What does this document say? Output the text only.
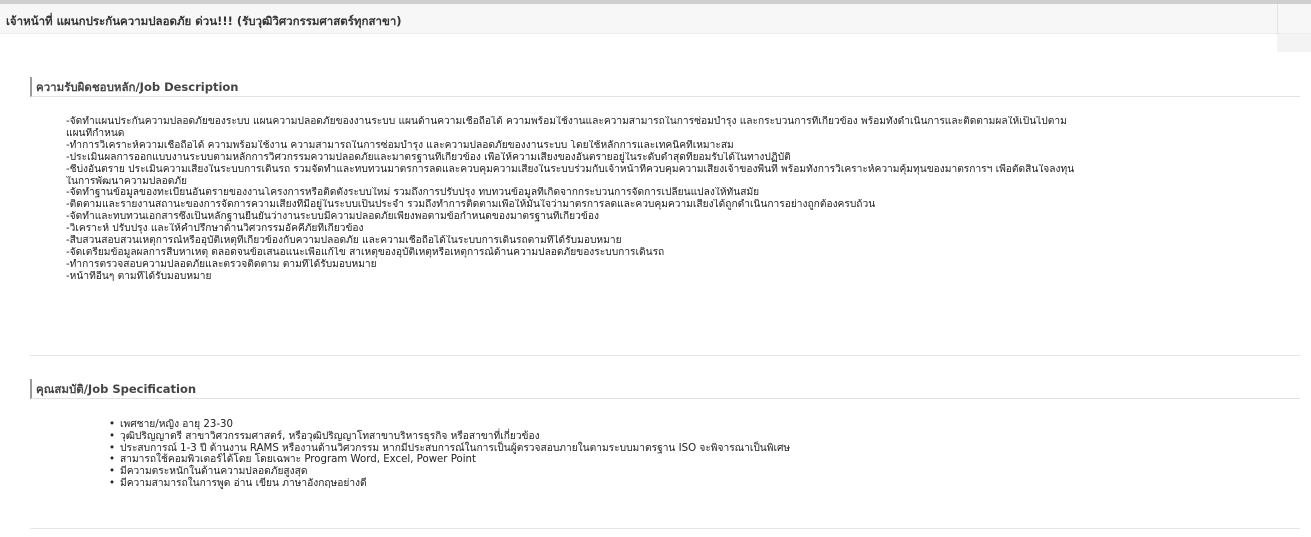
เจ้าหน้าที่ แผนกประกันความปลอดภัย ด่วน!!! (รับวุฒิวิศวกรรมศาสตร์ทุกสาขา)
ความรับผิดชอบหลัก/Job Description
-จัดทำแผนประกันความปลอดภัยของระบบ แผนความปลอดภัยของงานระบบ แผนด้านความเชื่อถือได้ ความพร้อมใช้งานและความสามารถในการซ่อมบำรุง และกระบวนการที่เกี่ยวข้อง พร้อมทั้งดำเนินการและติดตามผลให้เป็นไปตาม
แผนที่กำหนด
-ทำการวิเคราะห์ความเชื่อถือได้ ความพร้อมใช้งาน ความสามารถในการซ่อมบำรุง และความปลอดภัยของงานระบบ โดยใช้หลักการและเทคนิคที่เหมาะสม
-ประเมินผลการออกแบบงานระบบตามหลักการวิศวกรรมความปลอดภัยและมาตรฐานที่เกี่ยวข้อง เพื่อให้ความเสี่ยงของอันตรายอยู่ในระดับต่ำสุดที่ยอมรับได้ในทางปฏิบัติ
-ชี้บ่งอันตราย ประเมินความเสี่ยงในระบบการเดินรถ รวมจัดทำและทบทวนมาตรการลดและควบคุมความเสี่ยงในระบบร่วมกับเจ้าหน้าที่ควบคุมความเสี่ยงเจ้าของพื้นที่ พร้อมทั้งการวิเคราะห์ความคุ้มทุนของมาตรการฯ เพื่อตัดสินใจลงทุน
ในการพัฒนาความปลอดภัย
-จัดทำฐานข้อมูลของทะเบียนอันตรายของงานโครงการหรือติดตั้งระบบใหม่ รวมถึงการปรับปรุง ทบทวนข้อมูลที่เกิดจากกระบวนการจัดการเปลี่ยนแปลงให้ทันสมัย
-ติดตามและรายงานสถานะของการจัดการความเสี่ยงที่มีอยู่ในระบบเป็นประจำ รวมถึงทำการติดตามเพื่อให้มั่นใจว่ามาตรการลดและควบคุมความเสี่ยงได้ถูกดำเนินการอย่างถูกต้องครบถ้วน
-จัดทำและทบทวนเอกสารซึ่งเป็นหลักฐานยืนยันว่างานระบบมีความปลอดภัยเพียงพอตามข้อกำหนดของมาตรฐานที่เกี่ยวข้อง
-วิเคราะห์ ปรับปรุง และให้คำปรึกษาด้านวิศวกรรมอัคคีภัยที่เกี่ยวข้อง
-สืบสวนสอบสวนเหตุการณ์หรืออุบัติเหตุที่เกี่ยวข้องกับความปลอดภัย และความเชื่อถือได้ในระบบการเดินรถตามที่ได้รับมอบหมาย
-จัดเตรียมข้อมูลผลการสืบหาเหตุ ตลอดจนข้อเสนอแนะเพื่อแก้ไข สาเหตุของอุบัติเหตุหรือเหตุการณ์ด้านความปลอดภัยของระบบการเดินรถ
-ทำการตรวจสอบความปลอดภัยและตรวจติดตาม ตามที่ได้รับมอบหมาย
-หน้าที่อื่นๆ ตามที่ได้รับมอบหมาย
คุณสมบัติ/Job Specification
• เพศชาย/หญิง อายุ 23-30
• วุฒิปริญญาตรี สาขาวิศวกรรมศาสตร์, หรือวุฒิปริญญาโทสาขาบริหารธุรกิจ หรือสาขาที่เกี่ยวข้อง
• ประสบการณ์ 1-3 ปี ด้านงาน RAMS หรืองานด้านวิศวกรรม หากมีประสบการณ์ในการเป็นผู้ตรวจสอบภายในตามระบบมาตรฐาน ISO จะพิจารณาเป็นพิเศษ
• สามารถใช้คอมพิวเตอร์ได้โดย โดยเฉพาะ Program Word, Excel, Power Point
• มีความตระหนักในด้านความปลอดภัยสูงสุด
• มีความสามารถในการพูด อ่าน เขียน ภาษาอังกฤษอย่างดี
